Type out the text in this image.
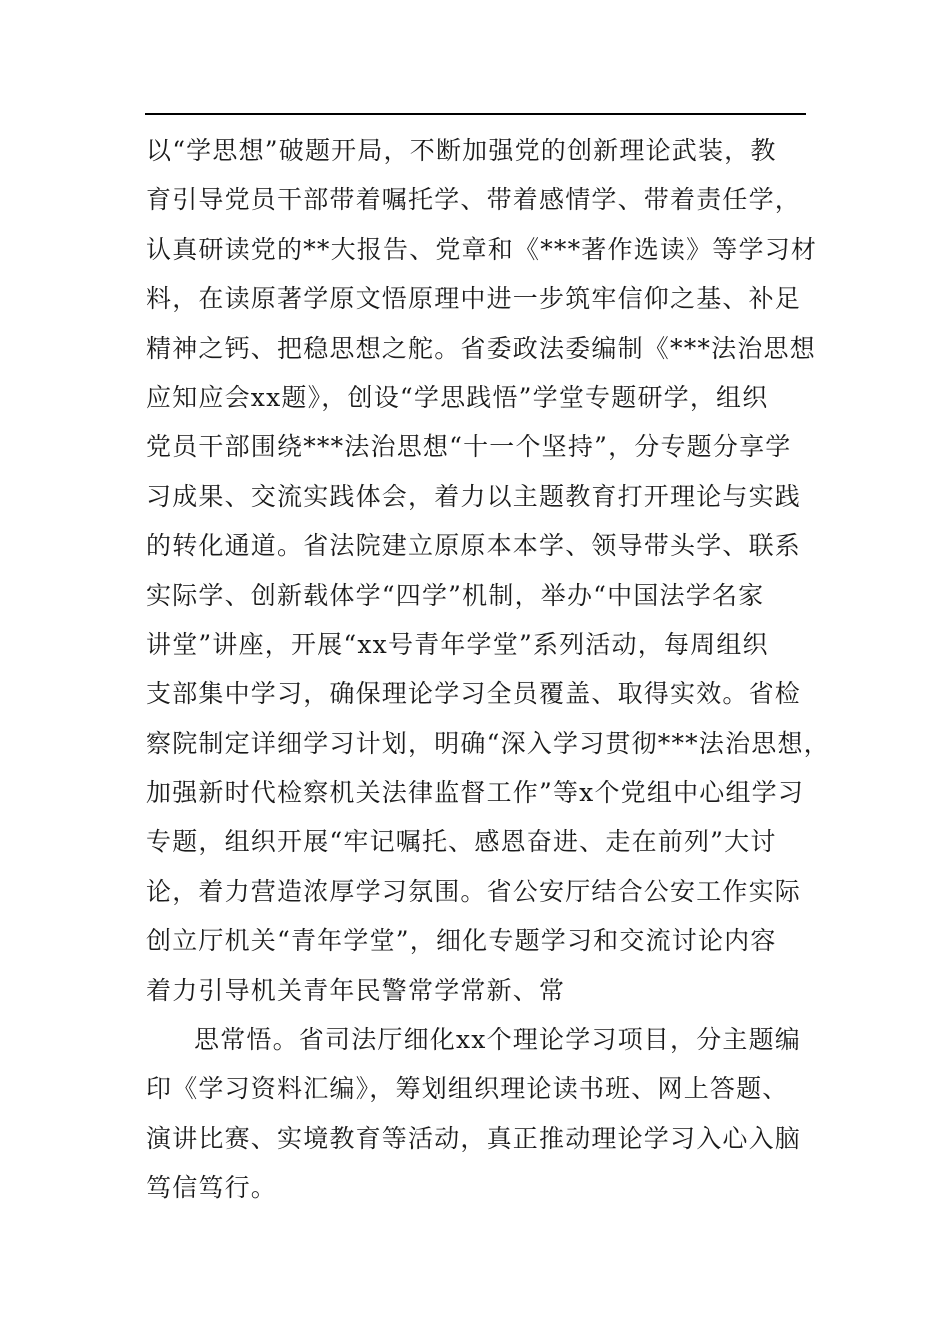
以“学思想”破题开局，不断加强党的创新理论武装，教
育引导党员干部带着嘱托学、带着感情学、带着责任学，
认真研读党的**大报告、党章和《***著作选读》等学习材
料，在读原著学原文悟原理中进一步筑牢信仰之基、补足
精神之钙、把稳思想之舵。省委政法委编制《***法治思想
应知应会xx题》，创设“学思践悟”学堂专题研学，组织
党员干部围绕***法治思想“十一个坚持”，分专题分享学
习成果、交流实践体会，着力以主题教育打开理论与实践
的转化通道。省法院建立原原本本学、领导带头学、联系
实际学、创新载体学“四学”机制，举办“中国法学名家
讲堂”讲座，开展“xx号青年学堂”系列活动，每周组织
支部集中学习，确保理论学习全员覆盖、取得实效。省检
察院制定详细学习计划，明确“深入学习贯彻***法治思想，
加强新时代检察机关法律监督工作”等x个党组中心组学习
专题，组织开展“牢记嘱托、感恩奋进、走在前列”大讨
论，着力营造浓厚学习氛围。省公安厅结合公安工作实际
创立厅机关“青年学堂”，细化专题学习和交流讨论内容
着力引导机关青年民警常学常新、常
思常悟。省司法厅细化xx个理论学习项目，分主题编
印《学习资料汇编》，筹划组织理论读书班、网上答题、
演讲比赛、实境教育等活动，真正推动理论学习入心入脑
笃信笃行。
